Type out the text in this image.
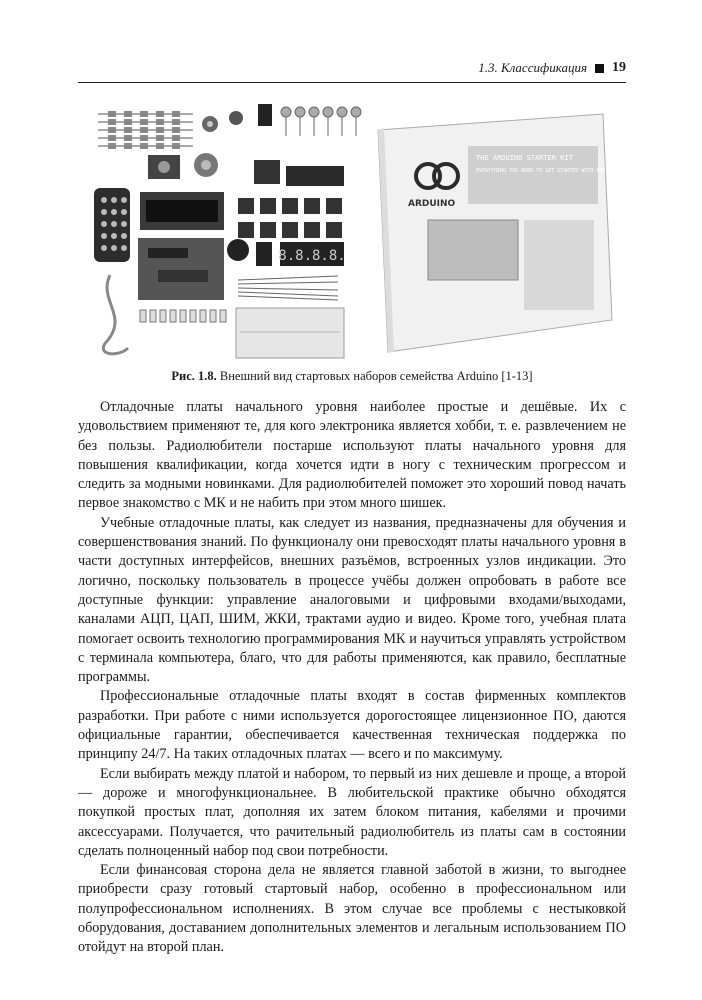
1.3. Классификация 19
8.8.8.8.
ARDUINO
THE ARDUINO STARTER KIT
EVERYTHING YOU NEED TO GET STARTED WITH ARDUINO
Рис. 1.8. Внешний вид стартовых наборов семейства Arduino [1-13]

Отладочные платы начального уровня наиболее простые и дешёвые. Их с удовольствием применяют те, для кого электроника является хобби, т. е. развлечением не без пользы. Радиолюбители постарше используют платы начального уровня для повышения квалификации, когда хочется идти в ногу с техническим прогрессом и следить за модными новинками. Для радиолюбителей поможет это хороший повод начать первое знакомство с МК и не набить при этом много шишек.

Учебные отладочные платы, как следует из названия, предназначены для обучения и совершенствования знаний. По функционалу они превосходят платы начального уровня в части доступных интерфейсов, внешних разъёмов, встроенных узлов индикации. Это логично, поскольку пользователь в процессе учёбы должен опробовать в работе все доступные функции: управление аналоговыми и цифровыми входами/выходами, каналами АЦП, ЦАП, ШИМ, ЖКИ, трактами аудио и видео. Кроме того, учебная плата помогает освоить технологию программирования МК и научиться управлять устройством с терминала компьютера, благо, что для работы применяются, как правило, бесплатные программы.

Профессиональные отладочные платы входят в состав фирменных комплектов разработки. При работе с ними используется дорогостоящее лицензионное ПО, даются официальные гарантии, обеспечивается качественная техническая поддержка по принципу 24/7. На таких отладочных платах — всего и по максимуму.

Если выбирать между платой и набором, то первый из них дешевле и проще, а второй — дороже и многофункциональнее. В любительской практике обычно обходятся покупкой простых плат, дополняя их затем блоком питания, кабелями и прочими аксессуарами. Получается, что рачительный радиолюбитель из платы сам в состоянии сделать полноценный набор под свои потребности.

Если финансовая сторона дела не является главной заботой в жизни, то выгоднее приобрести сразу готовый стартовый набор, особенно в профессиональном или полупрофессиональном исполнениях. В этом случае все проблемы с нестыковкой оборудования, доставанием дополнительных элементов и легальным использованием ПО отойдут на второй план.
